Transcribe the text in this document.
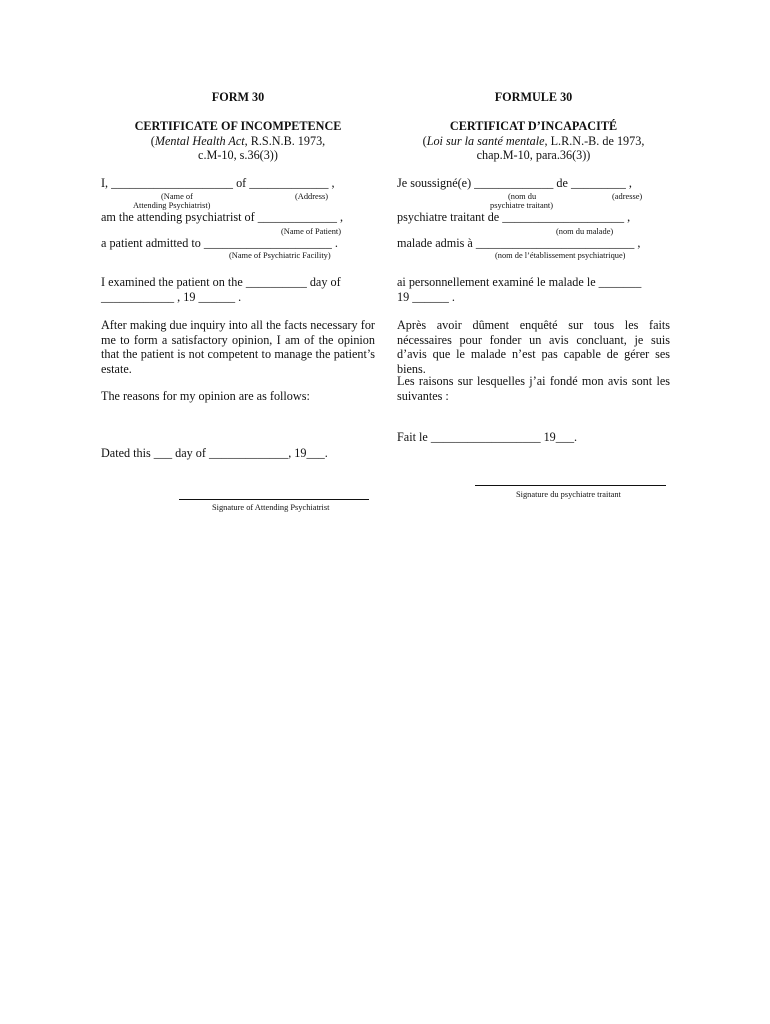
FORM 30
CERTIFICATE OF INCOMPETENCE
(Mental Health Act, R.S.N.B. 1973,
c.M-10, s.36(3))
I, ____________________ of _____________ ,
(Name of
Attending Psychiatrist)
(Address)
am the attending psychiatrist of _____________ ,
(Name of Patient)
a patient admitted to _____________________ .
(Name of Psychiatric Facility)
I examined the patient on the __________ day of
____________ , 19 ______ .
After making due inquiry into all the facts necessary for me to form a satisfactory opinion, I am of the opinion that the patient is not competent to manage the patient’s estate.
The reasons for my opinion are as follows:
Dated this ___ day of _____________, 19___.
Signature of Attending Psychiatrist
FORMULE 30
CERTIFICAT D’INCAPACITÉ
(Loi sur la santé mentale, L.R.N.-B. de 1973,
chap.M-10, para.36(3))
Je soussigné(e) _____________ de _________ ,
(nom du
psychiatre traitant)
(adresse)
psychiatre traitant de ____________________ ,
(nom du malade)
malade admis à __________________________ ,
(nom de l’établissement psychiatrique)
ai personnellement examiné le malade le _______
19 ______ .
Après avoir dûment enquêté sur tous les faits nécessaires pour fonder un avis concluant, je suis d’avis que le malade n’est pas capable de gérer ses biens.
Les raisons sur lesquelles j’ai fondé mon avis sont les suivantes :
Fait le __________________ 19___.
Signature du psychiatre traitant
